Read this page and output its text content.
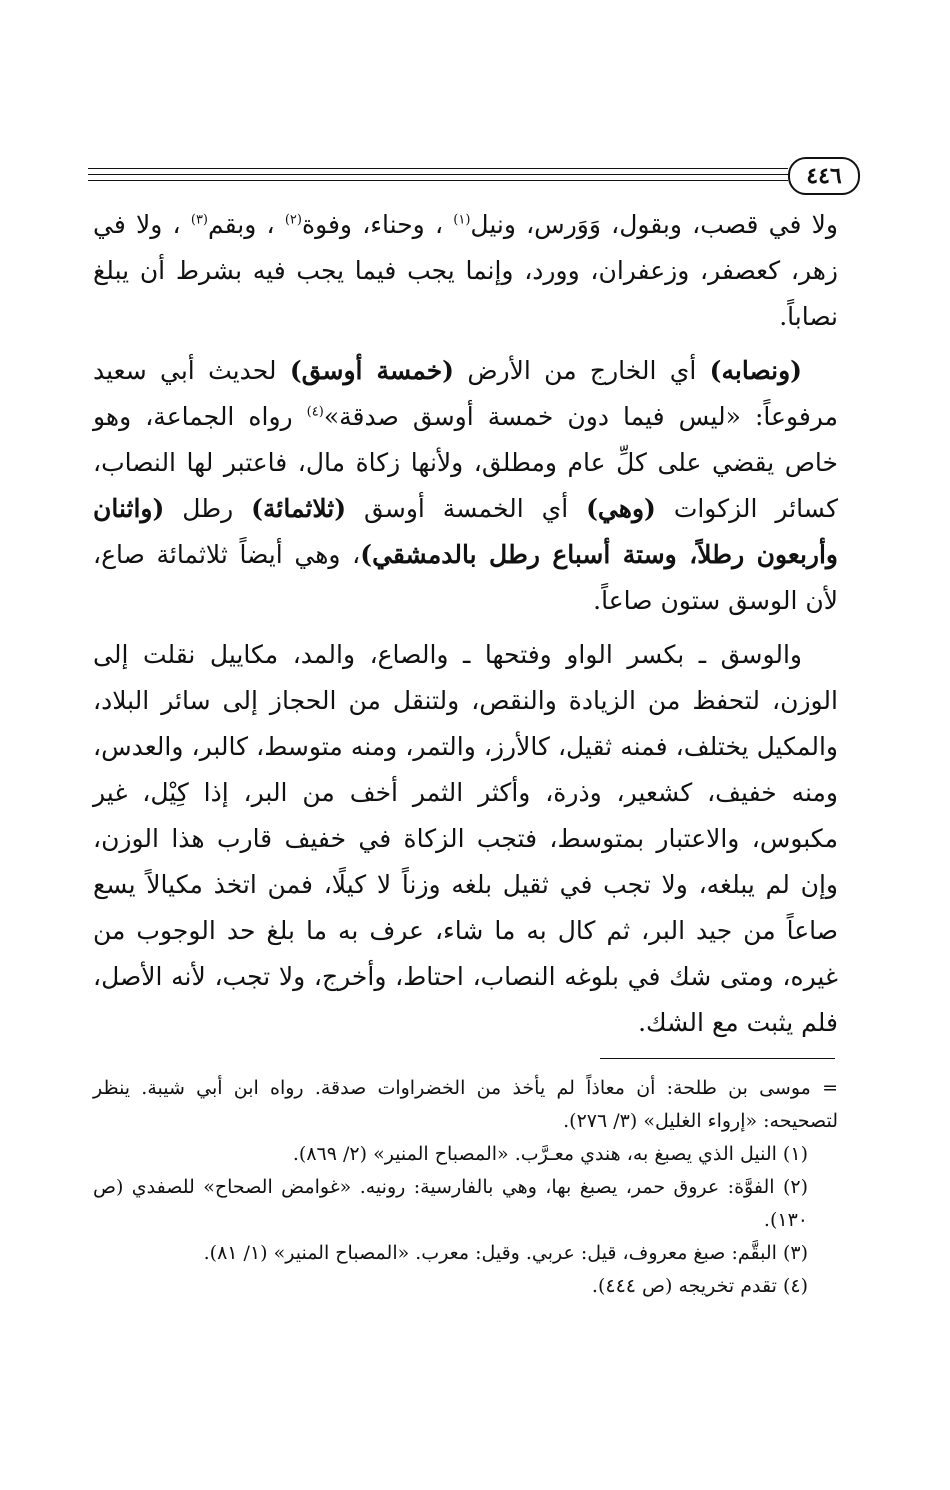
٤٤٦

ولا في قصب، وبقول، وَوَرس، ونيل$^{(١)}$ ، وحناء، وفوة$^{(٢)}$ ، وبقم$^{(٣)}$ ، ولا في زهر، كعصفر، وزعفران، وورد، وإنما يجب فيما يجب فيه بشرط أن يبلغ نصاباً.

(ونصابه) أي الخارج من الأرض (خمسة أوسق) لحديث أبي سعيد مرفوعاً: «ليس فيما دون خمسة أوسق صدقة»$^{(٤)}$ رواه الجماعة، وهو خاص يقضي على كلِّ عام ومطلق، ولأنها زكاة مال، فاعتبر لها النصاب، كسائر الزكوات (وهي) أي الخمسة أوسق (ثلاثمائة) رطل (واثنان وأربعون رطلاً، وستة أسباع رطل بالدمشقي)، وهي أيضاً ثلاثمائة صاع، لأن الوسق ستون صاعاً.

والوسق ـ بكسر الواو وفتحها ـ والصاع، والمد، مكاييل نقلت إلى الوزن، لتحفظ من الزيادة والنقص، ولتنقل من الحجاز إلى سائر البلاد، والمكيل يختلف، فمنه ثقيل، كالأرز، والتمر، ومنه متوسط، كالبر، والعدس، ومنه خفيف، كشعير، وذرة، وأكثر الثمر أخف من البر، إذا كِيْل، غير مكبوس، والاعتبار بمتوسط، فتجب الزكاة في خفيف قارب هذا الوزن، وإن لم يبلغه، ولا تجب في ثقيل بلغه وزناً لا كيلًا، فمن اتخذ مكيالاً يسع صاعاً من جيد البر، ثم كال به ما شاء، عرف به ما بلغ حد الوجوب من غيره، ومتى شك في بلوغه النصاب، احتاط، وأخرج، ولا تجب، لأنه الأصل، فلم يثبت مع الشك.

= موسى بن طلحة: أن معاذاً لم يأخذ من الخضراوات صدقة. رواه ابن أبي شيبة. ينظر لتصحيحه: «إرواء الغليل» (٣/ ٢٧٦).

(١) النيل الذي يصبغ به، هندي معـرَّب. «المصباح المنير» (٢/ ٨٦٩).

(٢) الفوَّة: عروق حمر، يصبغ بها، وهي بالفارسية: رونيه. «غوامض الصحاح» للصفدي (ص ١٣٠).

(٣) البقَّم: صبغ معروف، قيل: عربي. وقيل: معرب. «المصباح المنير» (١/ ٨١).

(٤) تقدم تخريجه (ص ٤٤٤).
